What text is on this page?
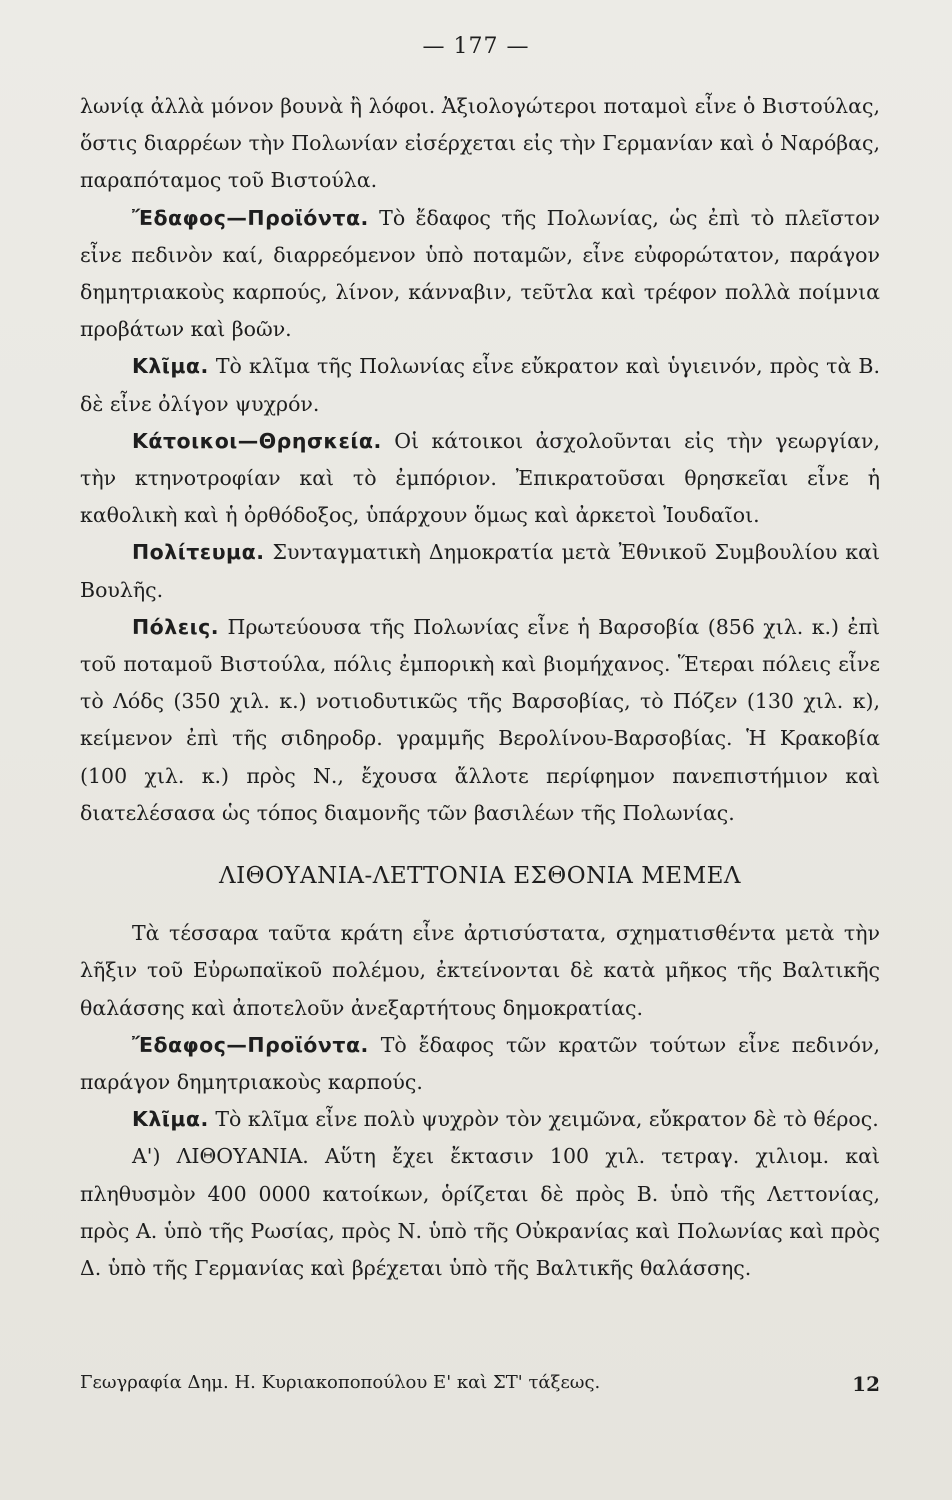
— 177 —

λωνίᾳ ἀλλὰ μόνον βουνὰ ἢ λόφοι. Ἀξιολογώτεροι ποταμοὶ εἶνε ὁ Βιστούλας, ὅστις διαρρέων τὴν Πολωνίαν εἰσέρχεται εἰς τὴν Γερμανίαν καὶ ὁ Ναρόβας, παραπόταμος τοῦ Βιστούλα.

Ἔδαφος—Προϊόντα. Τὸ ἔδαφος τῆς Πολωνίας, ὡς ἐπὶ τὸ πλεῖστον εἶνε πεδινὸν καί, διαρρεόμενον ὑπὸ ποταμῶν, εἶνε εὐφορώτατον, παράγον δημητριακοὺς καρπούς, λίνον, κάνναβιν, τεῦτλα καὶ τρέφον πολλὰ ποίμνια προβάτων καὶ βοῶν.

Κλῖμα. Τὸ κλῖμα τῆς Πολωνίας εἶνε εὔκρατον καὶ ὑγιεινόν, πρὸς τὰ Β. δὲ εἶνε ὀλίγον ψυχρόν.

Κάτοικοι—Θρησκεία. Οἱ κάτοικοι ἀσχολοῦνται εἰς τὴν γεωργίαν, τὴν κτηνοτροφίαν καὶ τὸ ἐμπόριον. Ἐπικρατοῦσαι θρησκεῖαι εἶνε ἡ καθολικὴ καὶ ἡ ὀρθόδοξος, ὑπάρχουν ὅμως καὶ ἀρκετοὶ Ἰουδαῖοι.

Πολίτευμα. Συνταγματικὴ Δημοκρατία μετὰ Ἐθνικοῦ Συμβουλίου καὶ Βουλῆς.

Πόλεις. Πρωτεύουσα τῆς Πολωνίας εἶνε ἡ Βαρσοβία (856 χιλ. κ.) ἐπὶ τοῦ ποταμοῦ Βιστούλα, πόλις ἐμπορικὴ καὶ βιομήχανος. Ἕτεραι πόλεις εἶνε τὸ Λόδς (350 χιλ. κ.) νοτιοδυτικῶς τῆς Βαρσοβίας, τὸ Πόζεν (130 χιλ. κ), κείμενον ἐπὶ τῆς σιδηροδρ. γραμμῆς Βερολίνου-Βαρσοβίας. Ἡ Κρακοβία (100 χιλ. κ.) πρὸς Ν., ἔχουσα ἄλλοτε περίφημον πανεπιστήμιον καὶ διατελέσασα ὡς τόπος διαμονῆς τῶν βασιλέων τῆς Πολωνίας.

ΛΙΘΟΥΑΝΙΑ-ΛΕΤΤΟΝΙΑ ΕΣΘΟΝΙΑ ΜΕΜΕΛ

Τὰ τέσσαρα ταῦτα κράτη εἶνε ἀρτισύστατα, σχηματισθέντα μετὰ τὴν λῆξιν τοῦ Εὐρωπαϊκοῦ πολέμου, ἐκτείνονται δὲ κατὰ μῆκος τῆς Βαλτικῆς θαλάσσης καὶ ἀποτελοῦν ἀνεξαρτήτους δημοκρατίας.

Ἔδαφος—Προϊόντα. Τὸ ἔδαφος τῶν κρατῶν τούτων εἶνε πεδινόν, παράγον δημητριακοὺς καρπούς.

Κλῖμα. Τὸ κλῖμα εἶνε πολὺ ψυχρὸν τὸν χειμῶνα, εὔκρατον δὲ τὸ θέρος.

Α') ΛΙΘΟΥΑΝΙΑ. Αὕτη ἔχει ἔκτασιν 100 χιλ. τετραγ. χιλιομ. καὶ πληθυσμὸν 400 0000 κατοίκων, ὁρίζεται δὲ πρὸς Β. ὑπὸ τῆς Λεττονίας, πρὸς Α. ὑπὸ τῆς Ρωσίας, πρὸς Ν. ὑπὸ τῆς Οὐκρανίας καὶ Πολωνίας καὶ πρὸς Δ. ὑπὸ τῆς Γερμανίας καὶ βρέχεται ὑπὸ τῆς Βαλτικῆς θαλάσσης.

Γεωγραφία Δημ. Η. Κυριακοποπούλου Ε' καὶ ΣΤ' τάξεως.	12
